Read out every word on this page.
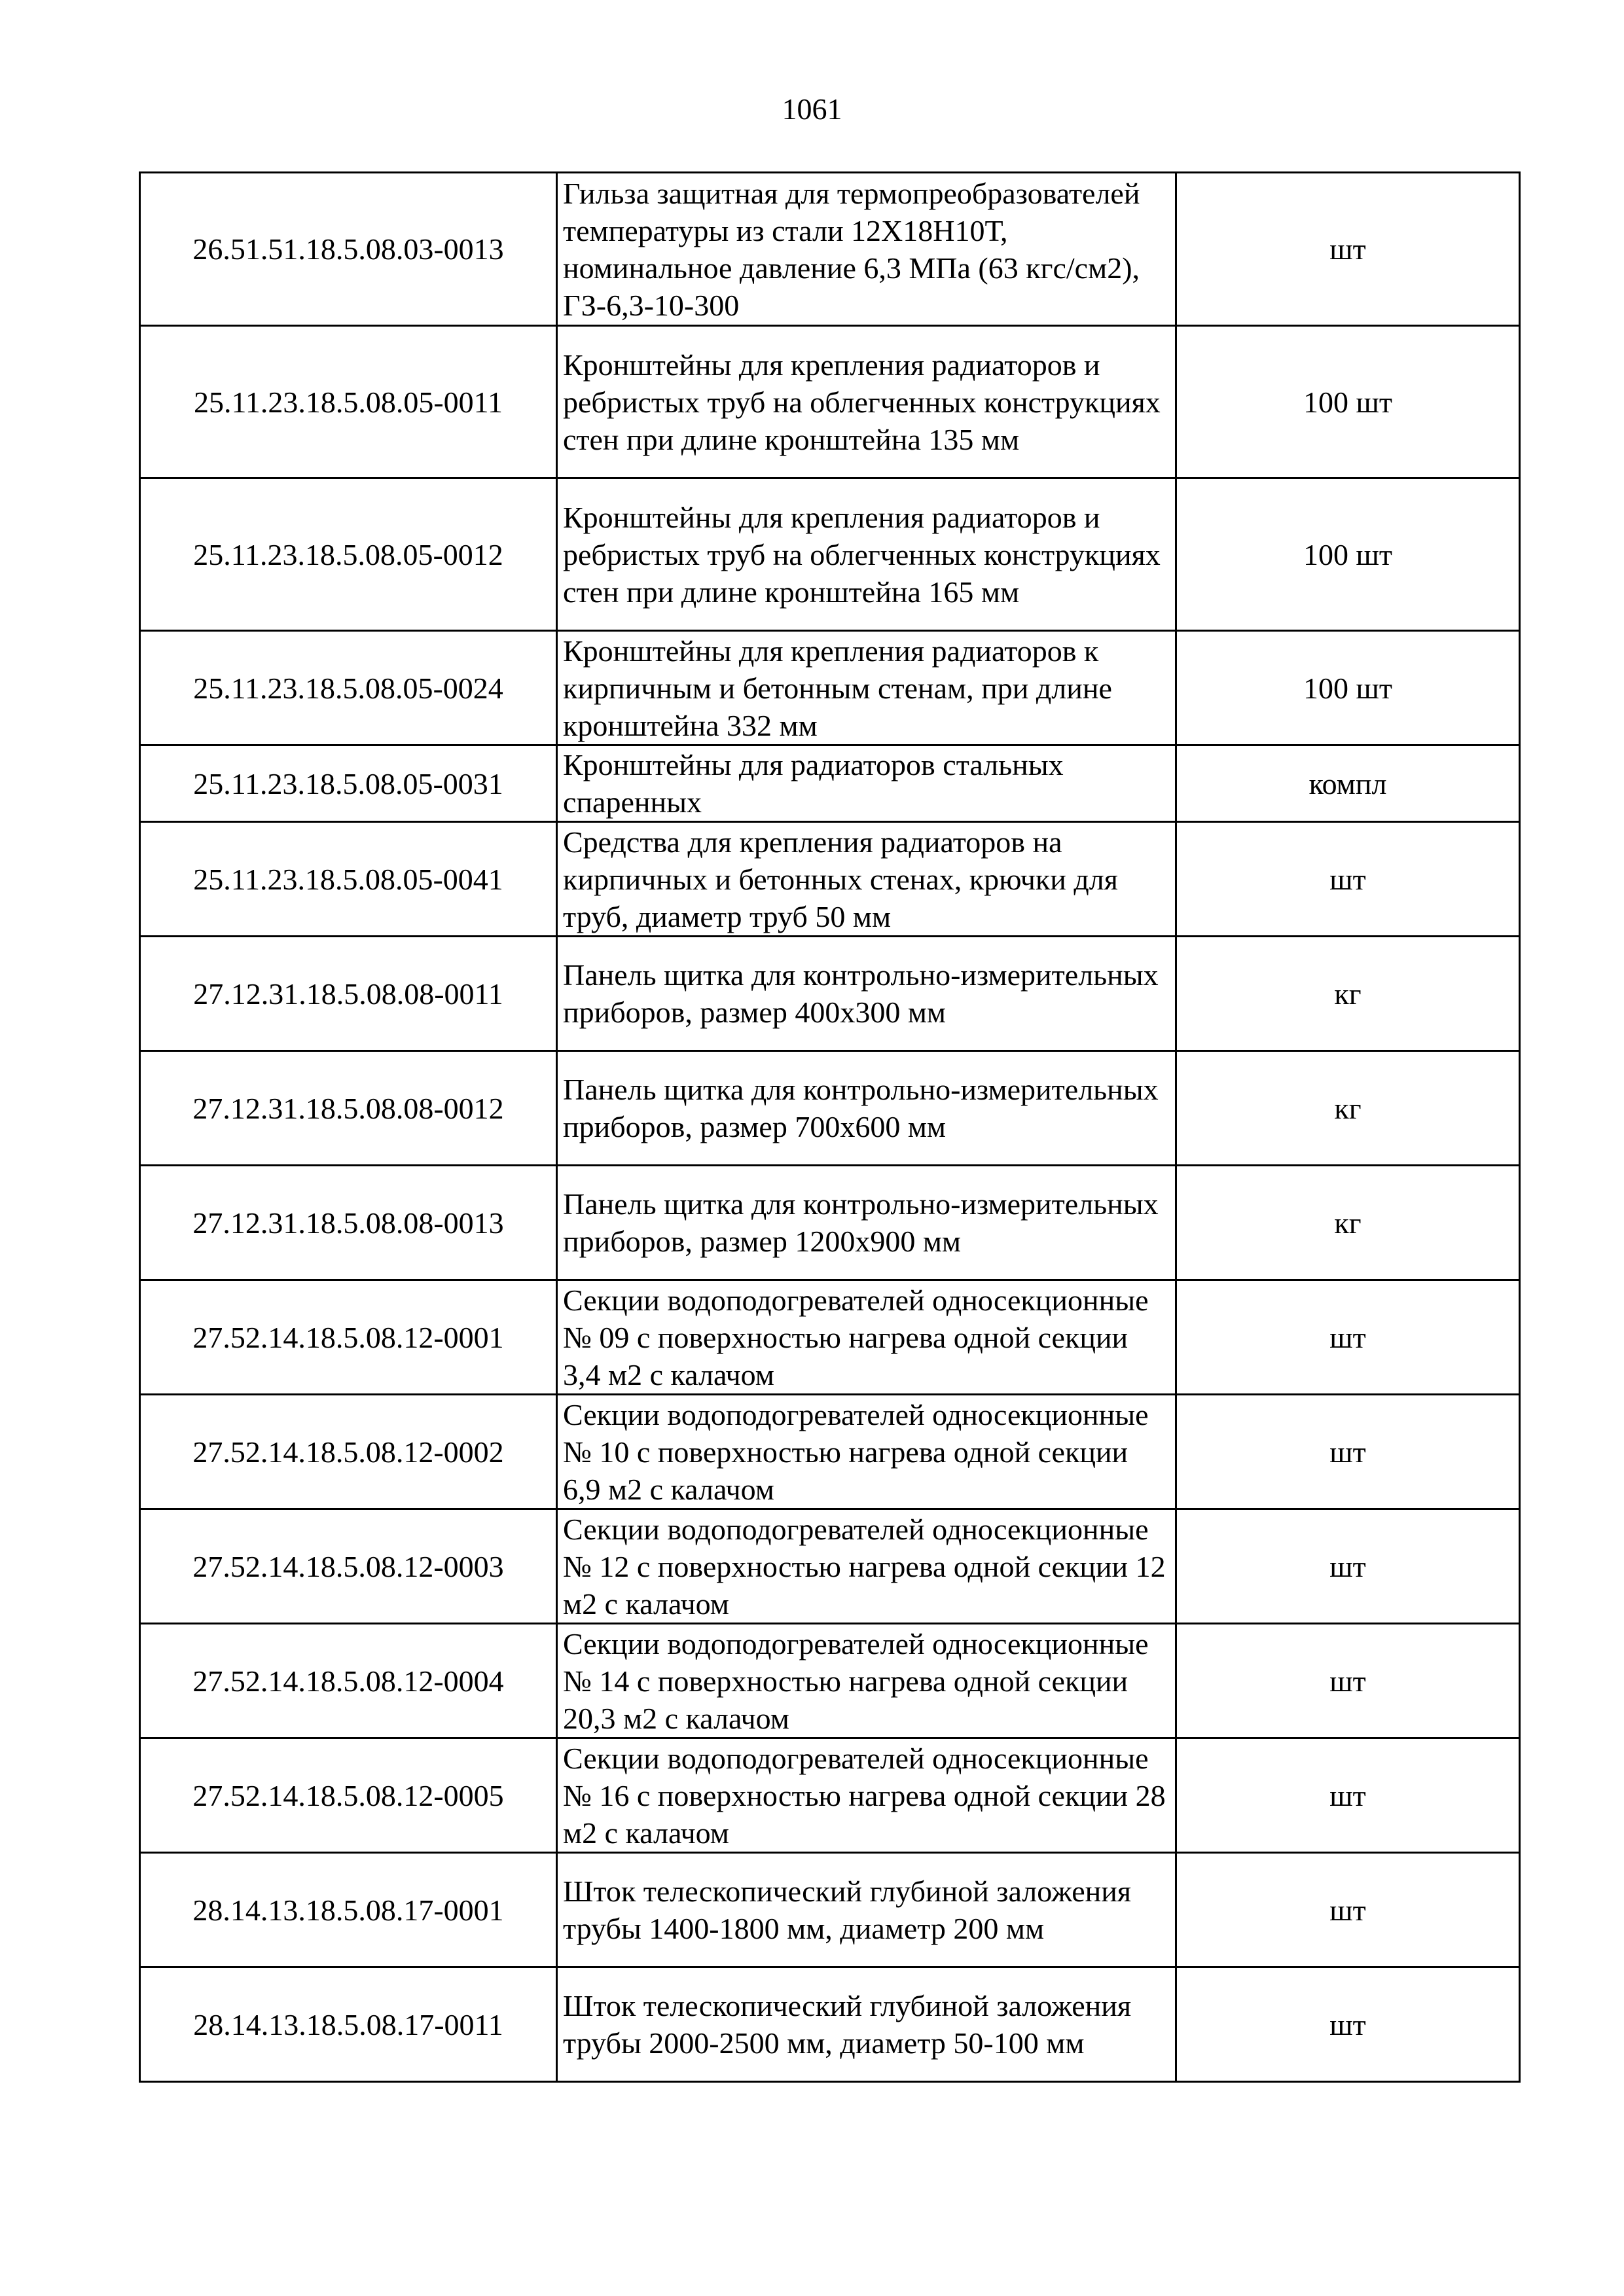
1061
26.51.51.18.5.08.03-0013	Гильза защитная для термопреобразователей температуры из стали 12Х18Н10Т, номинальное давление 6,3 МПа (63 кгс/см2), ГЗ-6,3-10-300	шт
25.11.23.18.5.08.05-0011	Кронштейны для крепления радиаторов и ребристых труб на облегченных конструкциях стен при длине кронштейна 135 мм	100 шт
25.11.23.18.5.08.05-0012	Кронштейны для крепления радиаторов и ребристых труб на облегченных конструкциях стен при длине кронштейна 165 мм	100 шт
25.11.23.18.5.08.05-0024	Кронштейны для крепления радиаторов к кирпичным и бетонным стенам, при длине кронштейна 332 мм	100 шт
25.11.23.18.5.08.05-0031	Кронштейны для радиаторов стальных спаренных	компл
25.11.23.18.5.08.05-0041	Средства для крепления радиаторов на кирпичных и бетонных стенах, крючки для труб, диаметр труб 50 мм	шт
27.12.31.18.5.08.08-0011	Панель щитка для контрольно-измерительных приборов, размер 400х300 мм	кг
27.12.31.18.5.08.08-0012	Панель щитка для контрольно-измерительных приборов, размер 700х600 мм	кг
27.12.31.18.5.08.08-0013	Панель щитка для контрольно-измерительных приборов, размер 1200х900 мм	кг
27.52.14.18.5.08.12-0001	Секции водоподогревателей односекционные № 09 с поверхностью нагрева одной секции 3,4 м2 с калачом	шт
27.52.14.18.5.08.12-0002	Секции водоподогревателей односекционные № 10 с поверхностью нагрева одной секции 6,9 м2 с калачом	шт
27.52.14.18.5.08.12-0003	Секции водоподогревателей односекционные № 12 с поверхностью нагрева одной секции 12 м2 с калачом	шт
27.52.14.18.5.08.12-0004	Секции водоподогревателей односекционные № 14 с поверхностью нагрева одной секции 20,3 м2 с калачом	шт
27.52.14.18.5.08.12-0005	Секции водоподогревателей односекционные № 16 с поверхностью нагрева одной секции 28 м2 с калачом	шт
28.14.13.18.5.08.17-0001	Шток телескопический глубиной заложения трубы 1400-1800 мм, диаметр 200 мм	шт
28.14.13.18.5.08.17-0011	Шток телескопический глубиной заложения трубы 2000-2500 мм, диаметр 50-100 мм	шт
